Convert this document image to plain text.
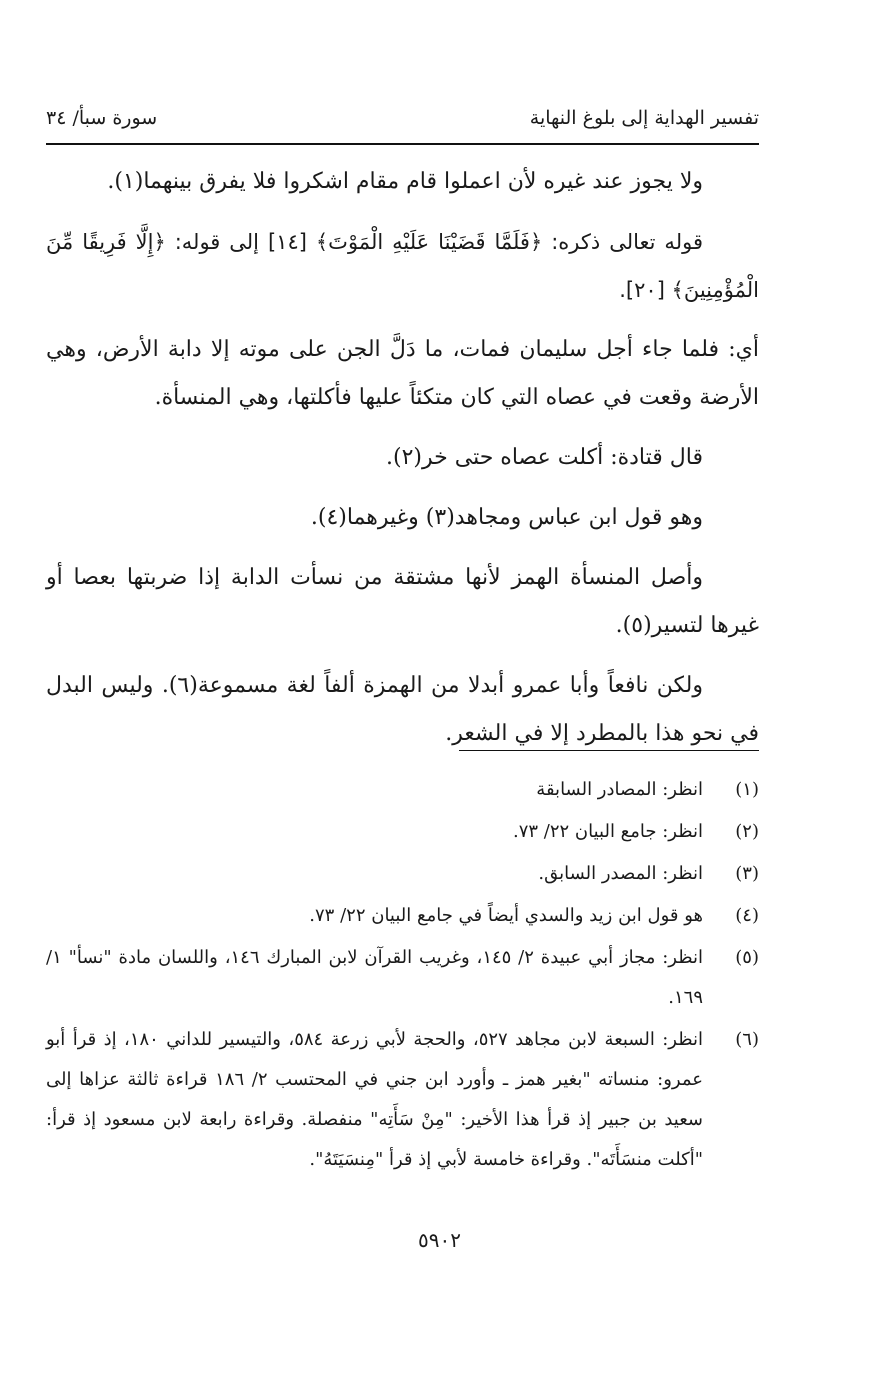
تفسير الهداية إلى بلوغ النهاية
سورة سبأ/ ٣٤

ولا يجوز عند غيره لأن اعملوا قام مقام اشكروا فلا يفرق بينهما(١).

قوله تعالى ذكره: ﴿فَلَمَّا قَضَيْنَا عَلَيْهِ الْمَوْتَ﴾ [١٤] إلى قوله: ﴿إِلَّا فَرِيقًا مِّنَ الْمُؤْمِنِينَ﴾ [٢٠].

أي: فلما جاء أجل سليمان فمات، ما دَلَّ الجن على موته إلا دابة الأرض، وهي الأرضة وقعت في عصاه التي كان متكئاً عليها فأكلتها، وهي المنسأة.

قال قتادة: أكلت عصاه حتى خر(٢).

وهو قول ابن عباس ومجاهد(٣) وغيرهما(٤).

وأصل المنسأة الهمز لأنها مشتقة من نسأت الدابة إذا ضربتها بعصا أو غيرها لتسير(٥).

ولكن نافعاً وأبا عمرو أبدلا من الهمزة ألفاً لغة مسموعة(٦). وليس البدل في نحو هذا بالمطرد إلا في الشعر.

(١)
انظر: المصادر السابقة
(٢)
انظر: جامع البيان ٢٢/ ٧٣.
(٣)
انظر: المصدر السابق.
(٤)
هو قول ابن زيد والسدي أيضاً في جامع البيان ٢٢/ ٧٣.
(٥)
انظر: مجاز أبي عبيدة ٢/ ١٤٥، وغريب القرآن لابن المبارك ١٤٦، واللسان مادة "نسأ" ١/ ١٦٩.
(٦)
انظر: السبعة لابن مجاهد ٥٢٧، والحجة لأبي زرعة ٥٨٤، والتيسير للداني ١٨٠، إذ قرأ أبو عمرو: منساته "بغير همز ـ وأورد ابن جني في المحتسب ٢/ ١٨٦ قراءة ثالثة عزاها إلى سعيد بن جبير إذ قرأ هذا الأخير: "مِنْ سَأَتِه" منفصلة. وقراءة رابعة لابن مسعود إذ قرأ: "أكلت منسَأَتَه". وقراءة خامسة لأبي إذ قرأ "مِنسَيَتَهُ".
٥٩٠٢
